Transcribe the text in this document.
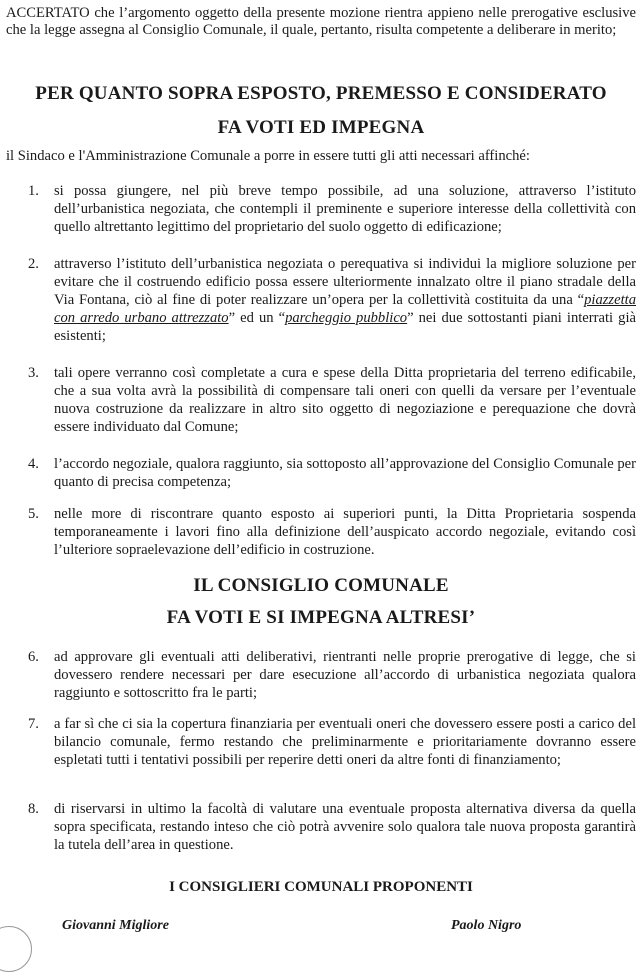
ACCERTATO che l’argomento oggetto della presente mozione rientra appieno nelle prerogative esclusive che la legge assegna al Consiglio Comunale, il quale, pertanto, risulta competente a deliberare in merito;
PER QUANTO SOPRA ESPOSTO, PREMESSO E CONSIDERATO
FA VOTI ED IMPEGNA
il Sindaco e l'Amministrazione Comunale a porre in essere tutti gli atti necessari affinché:
1.	si possa giungere, nel più breve tempo possibile, ad una soluzione, attraverso l’istituto dell’urbanistica negoziata, che contempli il preminente e superiore interesse della collettività con quello altrettanto legittimo del proprietario del suolo oggetto di edificazione;
2.	attraverso l’istituto dell’urbanistica negoziata o perequativa si individui la migliore soluzione per evitare che il costruendo edificio possa essere ulteriormente innalzato oltre il piano stradale della Via Fontana, ciò al fine di poter realizzare un’opera per la collettività costituita da una “piazzetta con arredo urbano attrezzato” ed un “parcheggio pubblico” nei due sottostanti piani interrati già esistenti;
3.	tali opere verranno così completate a cura e spese della Ditta proprietaria del terreno edificabile, che a sua volta avrà la possibilità di compensare tali oneri con quelli da versare per l’eventuale nuova costruzione da realizzare in altro sito oggetto di negoziazione e perequazione che dovrà essere individuato dal Comune;
4.	l’accordo negoziale, qualora raggiunto, sia sottoposto all’approvazione del Consiglio Comunale per quanto di precisa competenza;
5.	nelle more di riscontrare quanto esposto ai superiori punti, la Ditta Proprietaria sospenda temporaneamente i lavori fino alla definizione dell’auspicato accordo negoziale, evitando così l’ulteriore sopraelevazione dell’edificio in costruzione.
IL CONSIGLIO COMUNALE
FA VOTI E SI IMPEGNA ALTRESI’
6.	ad approvare gli eventuali atti deliberativi, rientranti nelle proprie prerogative di legge, che si dovessero rendere necessari per dare esecuzione all’accordo di urbanistica negoziata qualora raggiunto e sottoscritto fra le parti;
7.	a far sì che ci sia la copertura finanziaria per eventuali oneri che dovessero essere posti a carico del bilancio comunale, fermo restando che preliminarmente e prioritariamente dovranno essere espletati tutti i tentativi possibili per reperire detti oneri da altre fonti di finanziamento;
8.	di riservarsi in ultimo la facoltà di valutare una eventuale proposta alternativa diversa da quella sopra specificata, restando inteso che ciò potrà avvenire solo qualora tale nuova proposta garantirà la tutela dell’area in questione.
I CONSIGLIERI COMUNALI PROPONENTI
Giovanni Migliore	Paolo Nigro
